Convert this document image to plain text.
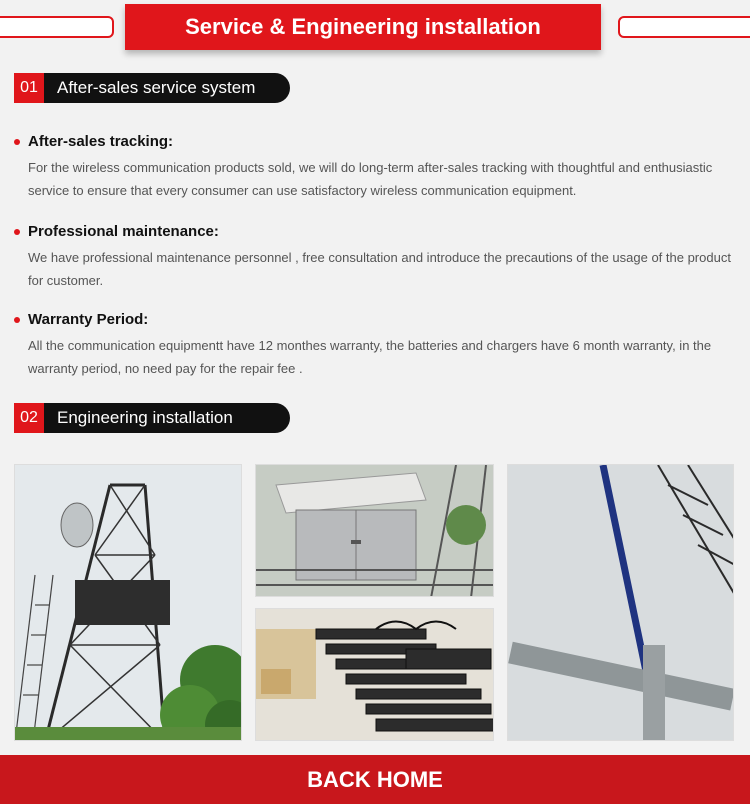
Service & Engineering installation
01	After-sales service system
After-sales tracking:
For the wireless communication products sold, we will do long-term after-sales tracking with thoughtful and enthusiastic service to ensure that every consumer can use satisfactory wireless communication equipment.
Professional maintenance:
We have professional maintenance personnel , free consultation and introduce the precautions of the usage of the product for customer.
Warranty Period:
All the communication equipmentt have 12 monthes warranty, the batteries and chargers have 6 month warranty, in the warranty period, no need pay for the repair fee .
02	Engineering installation
BACK HOME
